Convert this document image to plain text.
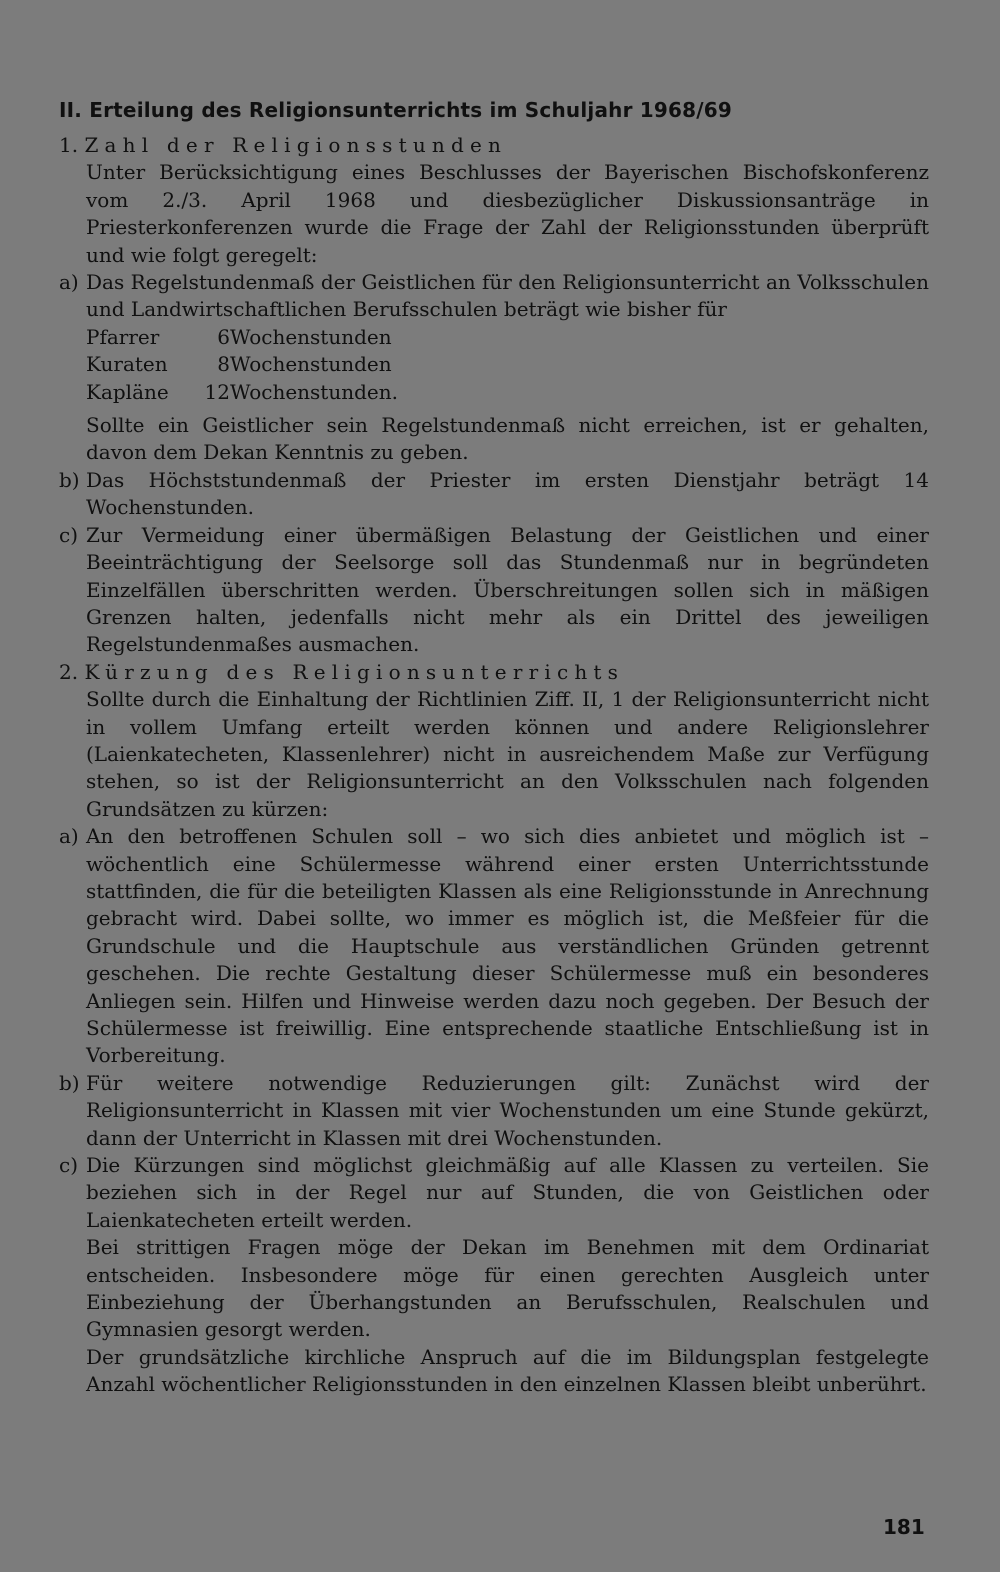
II. Erteilung des Religionsunterrichts im Schuljahr 1968/69

1. Zahl der Religionsstunden

Unter Berücksichtigung eines Beschlusses der Bayerischen Bischofskonferenz vom 2./3. April 1968 und diesbezüglicher Diskussionsanträge in Priesterkonferenzen wurde die Frage der Zahl der Religionsstunden überprüft und wie folgt geregelt:

a) Das Regelstundenmaß der Geistlichen für den Religionsunterricht an Volksschulen und Landwirtschaftlichen Berufsschulen beträgt wie bisher für

Pfarrer	6	Wochenstunden
Kuraten	8	Wochenstunden
Kapläne	12	Wochenstunden.

Sollte ein Geistlicher sein Regelstundenmaß nicht erreichen, ist er gehalten, davon dem Dekan Kenntnis zu geben.

b) Das Höchststundenmaß der Priester im ersten Dienstjahr beträgt 14 Wochenstunden.

c) Zur Vermeidung einer übermäßigen Belastung der Geistlichen und einer Beeinträchtigung der Seelsorge soll das Stundenmaß nur in begründeten Einzelfällen überschritten werden. Überschreitungen sollen sich in mäßigen Grenzen halten, jedenfalls nicht mehr als ein Drittel des jeweiligen Regelstundenmaßes ausmachen.

2. Kürzung des Religionsunterrichts

Sollte durch die Einhaltung der Richtlinien Ziff. II, 1 der Religionsunterricht nicht in vollem Umfang erteilt werden können und andere Religionslehrer (Laienkatecheten, Klassenlehrer) nicht in ausreichendem Maße zur Verfügung stehen, so ist der Religionsunterricht an den Volksschulen nach folgenden Grundsätzen zu kürzen:

a) An den betroffenen Schulen soll – wo sich dies anbietet und möglich ist – wöchentlich eine Schülermesse während einer ersten Unterrichtsstunde stattfinden, die für die beteiligten Klassen als eine Religionsstunde in Anrechnung gebracht wird. Dabei sollte, wo immer es möglich ist, die Meßfeier für die Grundschule und die Hauptschule aus verständlichen Gründen getrennt geschehen. Die rechte Gestaltung dieser Schülermesse muß ein besonderes Anliegen sein. Hilfen und Hinweise werden dazu noch gegeben. Der Besuch der Schülermesse ist freiwillig. Eine entsprechende staatliche Entschließung ist in Vorbereitung.

b) Für weitere notwendige Reduzierungen gilt: Zunächst wird der Religionsunterricht in Klassen mit vier Wochenstunden um eine Stunde gekürzt, dann der Unterricht in Klassen mit drei Wochenstunden.

c) Die Kürzungen sind möglichst gleichmäßig auf alle Klassen zu verteilen. Sie beziehen sich in der Regel nur auf Stunden, die von Geistlichen oder Laienkatecheten erteilt werden.

Bei strittigen Fragen möge der Dekan im Benehmen mit dem Ordinariat entscheiden. Insbesondere möge für einen gerechten Ausgleich unter Einbeziehung der Überhangstunden an Berufsschulen, Realschulen und Gymnasien gesorgt werden.

Der grundsätzliche kirchliche Anspruch auf die im Bildungsplan festgelegte Anzahl wöchentlicher Religionsstunden in den einzelnen Klassen bleibt unberührt.

181
